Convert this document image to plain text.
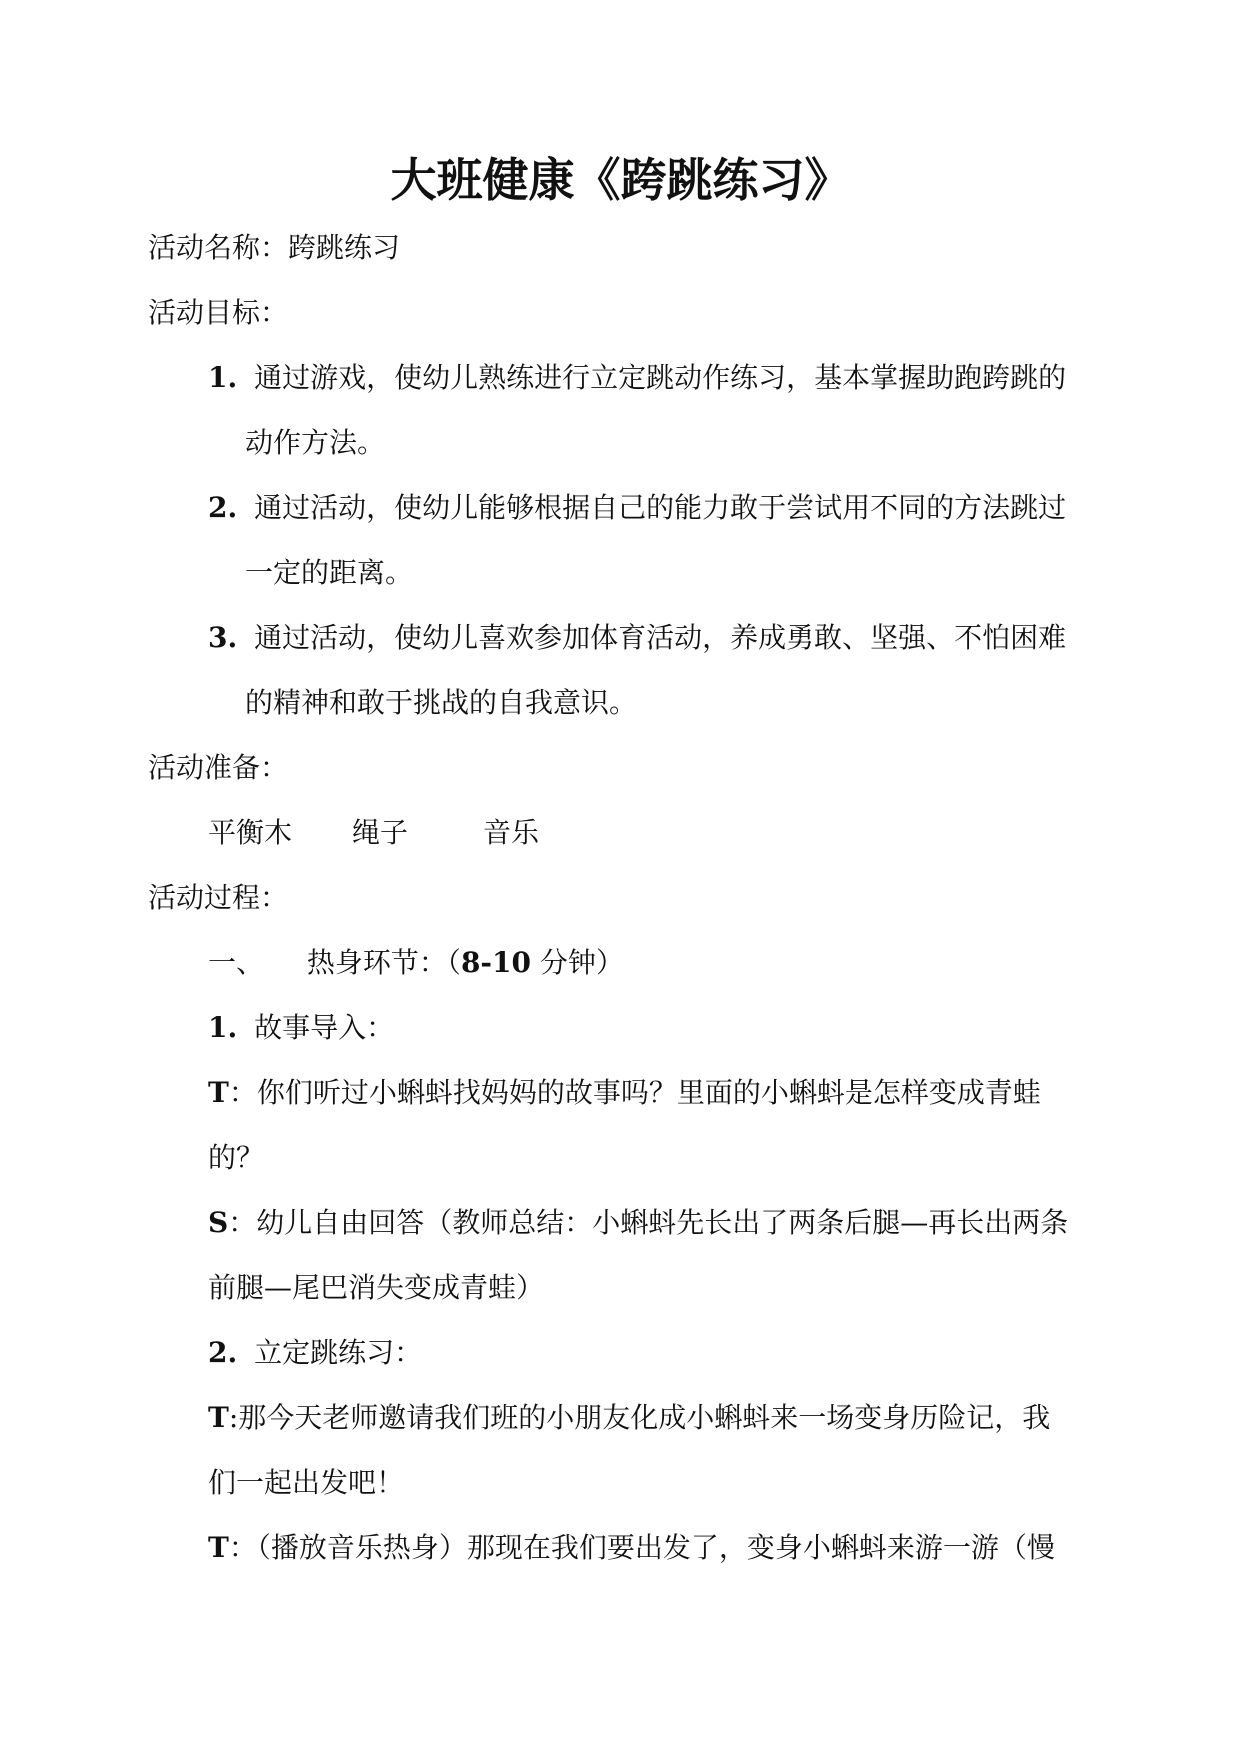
大班健康《跨跳练习》
活动名称：跨跳练习
活动目标：
1. 通过游戏，使幼儿熟练进行立定跳动作练习，基本掌握助跑跨跳的
动作方法。
2. 通过活动，使幼儿能够根据自己的能力敢于尝试用不同的方法跳过
一定的距离。
3. 通过活动，使幼儿喜欢参加体育活动，养成勇敢、坚强、不怕困难
的精神和敢于挑战的自我意识。
活动准备：
平衡木 绳子	音乐
活动过程：
一、 热身环节：（8-10 分钟）
1. 故事导入：
T：你们听过小蝌蚪找妈妈的故事吗？里面的小蝌蚪是怎样变成青蛙
的？
S：幼儿自由回答（教师总结：小蝌蚪先长出了两条后腿—再长出两条
前腿—尾巴消失变成青蛙）
2. 立定跳练习：
T:那今天老师邀请我们班的小朋友化成小蝌蚪来一场变身历险记，我
们一起出发吧！
T：（播放音乐热身）那现在我们要出发了，变身小蝌蚪来游一游（慢
